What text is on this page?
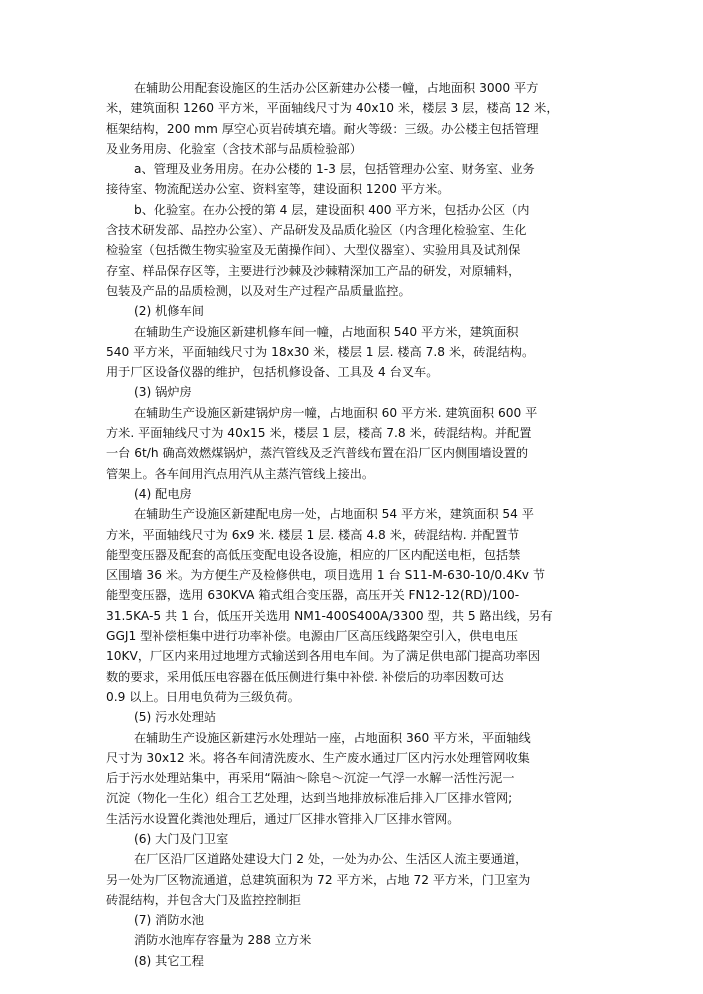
在辅助公用配套设施区的生活办公区新建办公楼一幢，占地面积 3000 平方
米，建筑面积 1260 平方米，平面轴线尺寸为 40x10 米，楼层 3 层，楼高 12 米，
框架结构，200 mm 厚空心页岩砖填充墙。耐火等级：三级。办公楼主包括管理
及业务用房、化验室（含技术部与品质检验部）
a、管理及业务用房。在办公楼的 1-3 层，包括管理办公室、财务室、业务
接待室、物流配送办公室、资料室等，建设面积 1200 平方米。
b、化验室。在办公授的第 4 层，建设面积 400 平方米，包括办公区（内
含技术研发部、品控办公室）、产品研发及品质化验区（内含理化检验室、生化
检验室（包括微生物实验室及无菌操作间）、大型仪器室）、实验用具及试剂保
存室、样品保存区等，主要进行沙棘及沙棘精深加工产品的研发，对原辅料，
包装及产品的品质检测，以及对生产过程产品质量监控。
(2) 机修车间
在辅助生产设施区新建机修车间一幢，占地面积 540 平方米，建筑面积
540 平方米，平面轴线尺寸为 18x30 米，楼层 1 层. 楼高 7.8 米，砖混结构。
用于厂区设备仪器的维护，包括机修设备、工具及 4 台叉车。
(3) 锅炉房
在辅助生产设施区新建锅炉房一幢，占地面积 60 平方米. 建筑面积 600 平
方米. 平面轴线尺寸为 40x15 米，楼层 1 层，楼高 7.8 米，砖混结构。并配置
一台 6t/h 确高效燃煤锅炉，蒸汽管线及乏汽普线布置在沿厂区内侧围墙设置的
管架上。各车间用汽点用汽从主蒸汽管线上接出。
(4) 配电房
在辅助生产设施区新建配电房一处，占地面积 54 平方米，建筑面积 54 平
方米，平面轴线尺寸为 6x9 米. 楼层 1 层. 楼高 4.8 米，砖混结构. 并配置节
能型变压器及配套的高低压变配电设各设施，相应的厂区内配送电柜，包括禁
区围墙 36 米。为方便生产及检修供电，项目选用 1 台 S11-M-630-10/0.4Kv 节
能型变压器，选用 630KVA 箱式组合变压器，高压开关 FN12-12(RD)/100-
31.5KA-5 共 1 台，低压开关选用 NM1-400S400A/3300 型，共 5 路出线，另有
GGJ1 型补偿柜集中进行功率补偿。电源由厂区高压线路架空引入，供电电压
10KV，厂区内来用过地埋方式输送到各用电车间。为了满足供电部门提高功率因
数的要求，采用低压电容器在低压侧进行集中补偿. 补偿后的功率因数可达
0.9 以上。日用电负荷为三级负荷。
(5) 污水处理站
在辅助生产设施区新建污水处理站一座，占地面积 360 平方米，平面轴线
尺寸为 30x12 米。将各车间清洗废水、生产废水通过厂区内污水处理管网收集
后于污水处理站集中，再采用“隔油～除皂～沉淀一气浮一水解一活性污泥一
沉淀（物化一生化）组合工艺处理，达到当地排放标准后排入厂区排水管网;
生活污水设置化粪池处理后，通过厂区排水管排入厂区排水管网。
(6) 大门及门卫室
在厂区沿厂区道路处建设大门 2 处，一处为办公、生活区人流主要通道，
另一处为厂区物流通道，总建筑面积为 72 平方米，占地 72 平方米，门卫室为
砖混结构，并包含大门及监控控制拒
(7) 消防水池
消防水池库存容量为 288 立方米
(8) 其它工程
